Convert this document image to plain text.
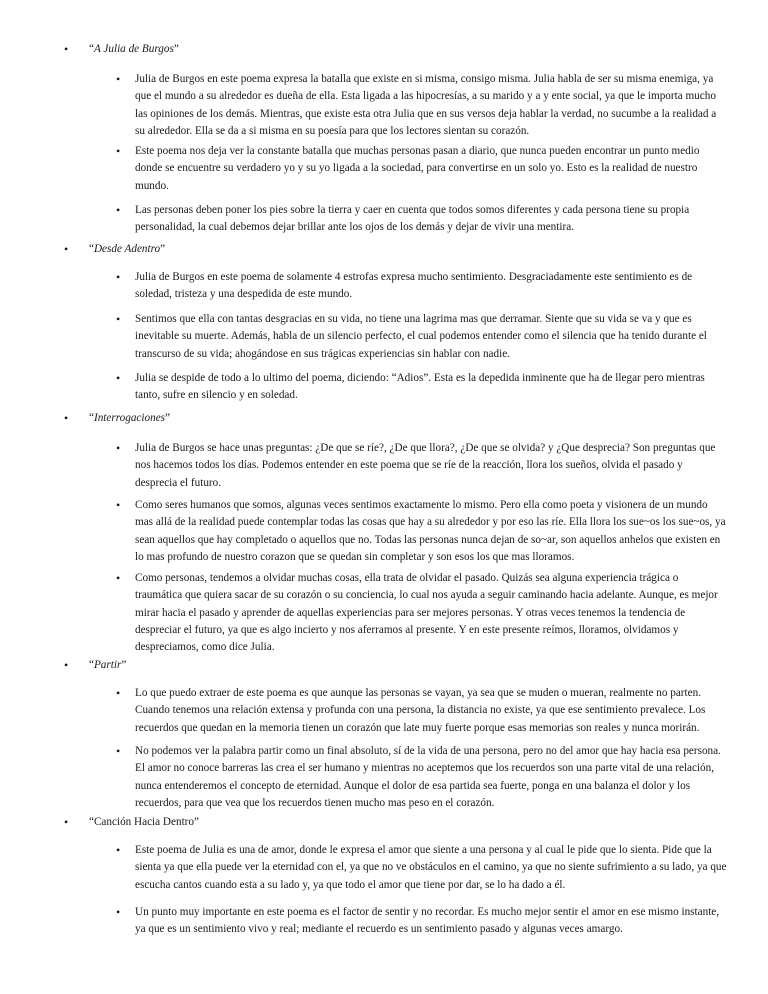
• “A Julia de Burgos”
• Julia de Burgos en este poema expresa la batalla que existe en si misma, consigo misma. Julia habla de ser su misma enemiga, ya que el mundo a su alrededor es dueña de ella. Esta ligada a las hipocresías, a su marido y a y ente social, ya que le importa mucho las opiniones de los demás. Mientras, que existe esta otra Julia que en sus versos deja hablar la verdad, no sucumbe a la realidad a su alrededor. Ella se da a si misma en su poesía para que los lectores sientan su corazón.
• Este poema nos deja ver la constante batalla que muchas personas pasan a diario, que nunca pueden encontrar un punto medio donde se encuentre su verdadero yo y su yo ligada a la sociedad, para convertirse en un solo yo. Esto es la realidad de nuestro mundo.
• Las personas deben poner los pies sobre la tierra y caer en cuenta que todos somos diferentes y cada persona tiene su propia personalidad, la cual debemos dejar brillar ante los ojos de los demás y dejar de vivir una mentira.
• “Desde Adentro”
• Julia de Burgos en este poema de solamente 4 estrofas expresa mucho sentimiento. Desgraciadamente este sentimiento es de soledad, tristeza y una despedida de este mundo.
• Sentimos que ella con tantas desgracias en su vida, no tiene una lagrima mas que derramar. Siente que su vida se va y que es inevitable su muerte. Además, habla de un silencio perfecto, el cual podemos entender como el silencia que ha tenido durante el transcurso de su vida; ahogándose en sus trágicas experiencias sin hablar con nadie.
• Julia se despide de todo a lo ultimo del poema, diciendo: “Adios”. Esta es la depedida inminente que ha de llegar pero mientras tanto, sufre en silencio y en soledad.
• “Interrogaciones”
• Julia de Burgos se hace unas preguntas: ¿De que se ríe?, ¿De que llora?, ¿De que se olvida? y ¿Que desprecia? Son preguntas que nos hacemos todos los días. Podemos entender en este poema que se ríe de la reacción, llora los sueños, olvida el pasado y desprecia el futuro.
• Como seres humanos que somos, algunas veces sentimos exactamente lo mismo. Pero ella como poeta y visionera de un mundo mas allá de la realidad puede contemplar todas las cosas que hay a su alrededor y por eso las ríe. Ella llora los sue~os los sue~os, ya sean aquellos que hay completado o aquellos que no. Todas las personas nunca dejan de so~ar, son aquellos anhelos que existen en lo mas profundo de nuestro corazon que se quedan sin completar y son esos los que mas lloramos.
• Como personas, tendemos a olvidar muchas cosas, ella trata de olvidar el pasado. Quizás sea alguna experiencia trágica o traumática que quiera sacar de su corazón o su conciencia, lo cual nos ayuda a seguir caminando hacia adelante. Aunque, es mejor mirar hacia el pasado y aprender de aquellas experiencias para ser mejores personas. Y otras veces tenemos la tendencia de despreciar el futuro, ya que es algo incierto y nos aferramos al presente. Y en este presente reímos, lloramos, olvidamos y despreciamos, como dice Julia.
• “Partir”
• Lo que puedo extraer de este poema es que aunque las personas se vayan, ya sea que se muden o mueran, realmente no parten. Cuando tenemos una relación extensa y profunda con una persona, la distancia no existe, ya que ese sentimiento prevalece. Los recuerdos que quedan en la memoria tienen un corazón que late muy fuerte porque esas memorias son reales y nunca morirán.
• No podemos ver la palabra partir como un final absoluto, sí de la vida de una persona, pero no del amor que hay hacia esa persona. El amor no conoce barreras las crea el ser humano y mientras no aceptemos que los recuerdos son una parte vital de una relación, nunca entenderemos el concepto de eternidad. Aunque el dolor de esa partida sea fuerte, ponga en una balanza el dolor y los recuerdos, para que vea que los recuerdos tienen mucho mas peso en el corazón.
• “Canción Hacia Dentro”
• Este poema de Julia es una de amor, donde le expresa el amor que siente a una persona y al cual le pide que lo sienta. Pide que la sienta ya que ella puede ver la eternidad con el, ya que no ve obstáculos en el camino, ya que no siente sufrimiento a su lado, ya que escucha cantos cuando esta a su lado y, ya que todo el amor que tiene por dar, se lo ha dado a él.
• Un punto muy importante en este poema es el factor de sentir y no recordar. Es mucho mejor sentir el amor en ese mismo instante, ya que es un sentimiento vivo y real; mediante el recuerdo es un sentimiento pasado y algunas veces amargo.
